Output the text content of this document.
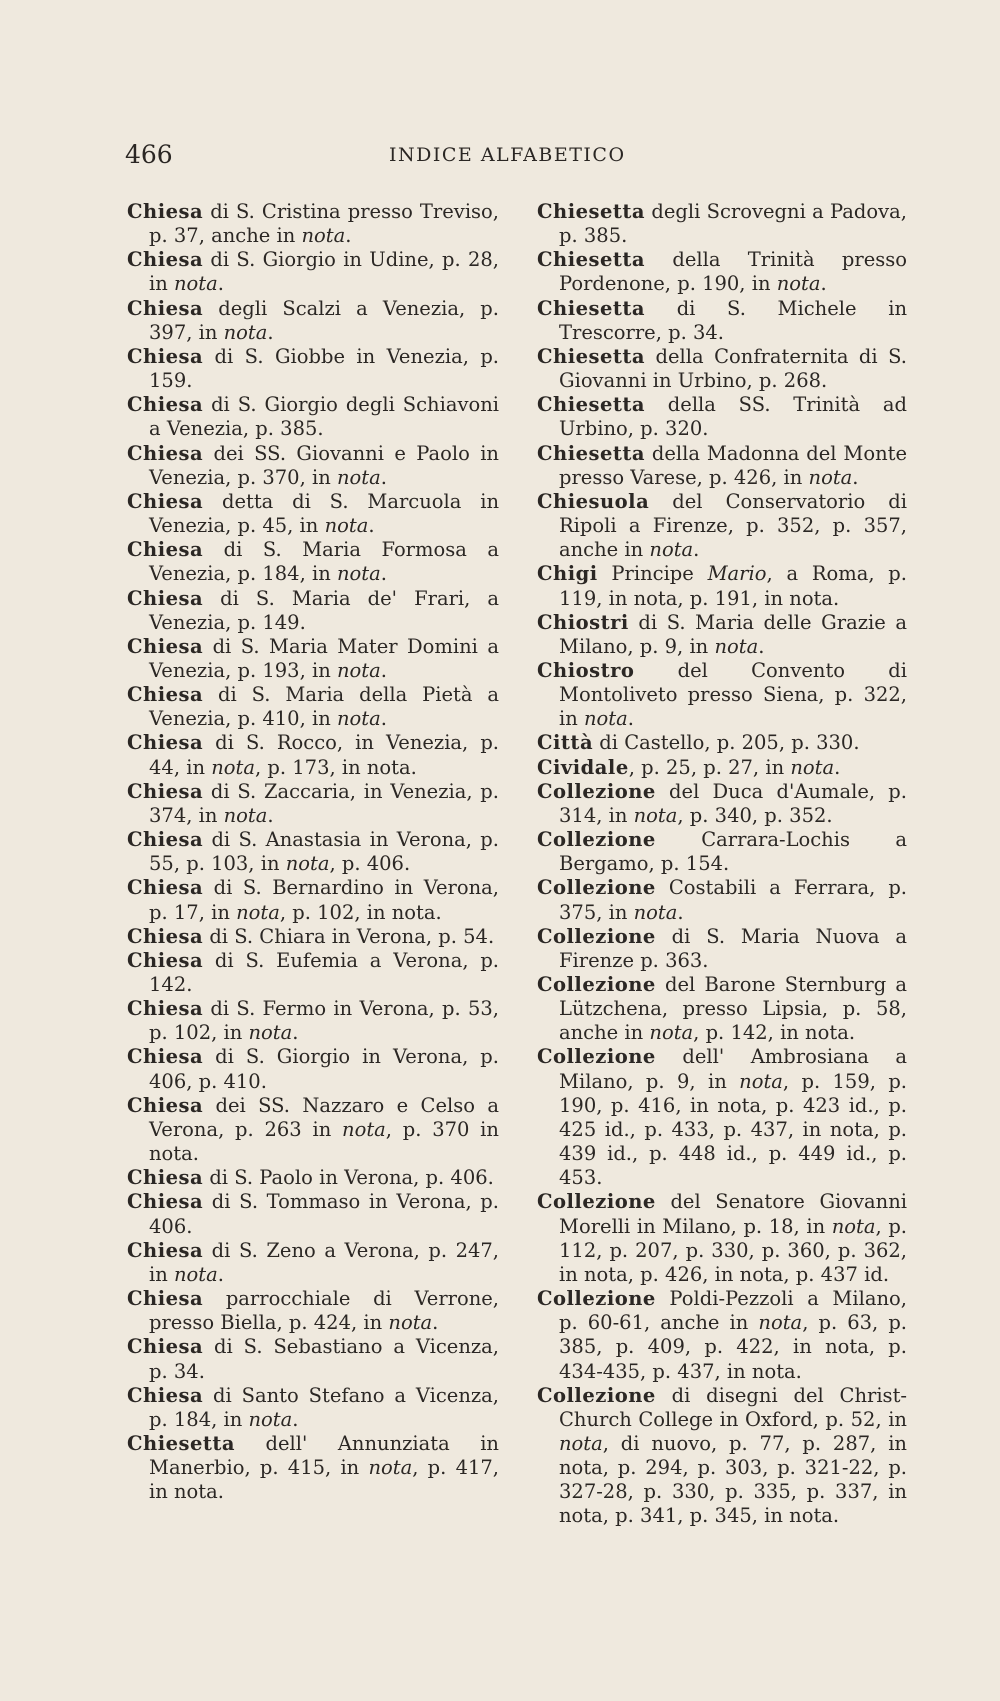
466	INDICE ALFABETICO

Chiesa di S. Cristina presso Treviso, p. 37, anche in nota.

Chiesa di S. Giorgio in Udine, p. 28, in nota.

Chiesa degli Scalzi a Venezia, p. 397, in nota.

Chiesa di S. Giobbe in Venezia, p. 159.

Chiesa di S. Giorgio degli Schiavoni a Venezia, p. 385.

Chiesa dei SS. Giovanni e Paolo in Venezia, p. 370, in nota.

Chiesa detta di S. Marcuola in Venezia, p. 45, in nota.

Chiesa di S. Maria Formosa a Venezia, p. 184, in nota.

Chiesa di S. Maria de' Frari, a Venezia, p. 149.

Chiesa di S. Maria Mater Domini a Venezia, p. 193, in nota.

Chiesa di S. Maria della Pietà a Venezia, p. 410, in nota.

Chiesa di S. Rocco, in Venezia, p. 44, in nota, p. 173, in nota.

Chiesa di S. Zaccaria, in Venezia, p. 374, in nota.

Chiesa di S. Anastasia in Verona, p. 55, p. 103, in nota, p. 406.

Chiesa di S. Bernardino in Verona, p. 17, in nota, p. 102, in nota.

Chiesa di S. Chiara in Verona, p. 54.

Chiesa di S. Eufemia a Verona, p. 142.

Chiesa di S. Fermo in Verona, p. 53, p. 102, in nota.

Chiesa di S. Giorgio in Verona, p. 406, p. 410.

Chiesa dei SS. Nazzaro e Celso a Verona, p. 263 in nota, p. 370 in nota.

Chiesa di S. Paolo in Verona, p. 406.

Chiesa di S. Tommaso in Verona, p. 406.

Chiesa di S. Zeno a Verona, p. 247, in nota.

Chiesa parrocchiale di Verrone, presso Biella, p. 424, in nota.

Chiesa di S. Sebastiano a Vicenza, p. 34.

Chiesa di Santo Stefano a Vicenza, p. 184, in nota.

Chiesetta dell' Annunziata in Manerbio, p. 415, in nota, p. 417, in nota.

Chiesetta degli Scrovegni a Padova, p. 385.

Chiesetta della Trinità presso Pordenone, p. 190, in nota.

Chiesetta di S. Michele in Trescorre, p. 34.

Chiesetta della Confraternita di S. Giovanni in Urbino, p. 268.

Chiesetta della SS. Trinità ad Urbino, p. 320.

Chiesetta della Madonna del Monte presso Varese, p. 426, in nota.

Chiesuola del Conservatorio di Ripoli a Firenze, p. 352, p. 357, anche in nota.

Chigi Principe Mario, a Roma, p. 119, in nota, p. 191, in nota.

Chiostri di S. Maria delle Grazie a Milano, p. 9, in nota.

Chiostro del Convento di Montoliveto presso Siena, p. 322, in nota.

Città di Castello, p. 205, p. 330.

Cividale, p. 25, p. 27, in nota.

Collezione del Duca d'Aumale, p. 314, in nota, p. 340, p. 352.

Collezione Carrara-Lochis a Bergamo, p. 154.

Collezione Costabili a Ferrara, p. 375, in nota.

Collezione di S. Maria Nuova a Firenze p. 363.

Collezione del Barone Sternburg a Lützchena, presso Lipsia, p. 58, anche in nota, p. 142, in nota.

Collezione dell' Ambrosiana a Milano, p. 9, in nota, p. 159, p. 190, p. 416, in nota, p. 423 id., p. 425 id., p. 433, p. 437, in nota, p. 439 id., p. 448 id., p. 449 id., p. 453.

Collezione del Senatore Giovanni Morelli in Milano, p. 18, in nota, p. 112, p. 207, p. 330, p. 360, p. 362, in nota, p. 426, in nota, p. 437 id.

Collezione Poldi-Pezzoli a Milano, p. 60-61, anche in nota, p. 63, p. 385, p. 409, p. 422, in nota, p. 434-435, p. 437, in nota.

Collezione di disegni del Christ-Church College in Oxford, p. 52, in nota, di nuovo, p. 77, p. 287, in nota, p. 294, p. 303, p. 321-22, p. 327-28, p. 330, p. 335, p. 337, in nota, p. 341, p. 345, in nota.
